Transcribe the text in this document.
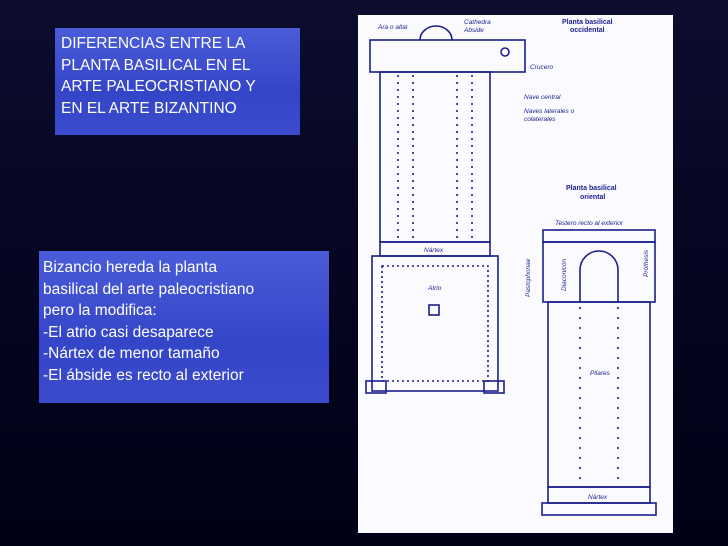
DIFERENCIAS ENTRE LA
PLANTA BASILICAL EN EL
ARTE PALEOCRISTIANO Y
EN EL ARTE BIZANTINO
Bizancio hereda la planta
basilical del arte paleocristiano
pero la modifica:
-El atrio casi desaparece
-Nártex de menor tamaño
-El ábside es recto al exterior
Ara o altar
Cathedra
Abside
Planta basilical
occidental
Crucero
Nave central
Naves laterales o
colaterales
Nártex
Atrio
Planta basilical
oriental
Testero recto al exterior
Pastophonae	Diaconicón	Próthesis
Pilares
Nártex
